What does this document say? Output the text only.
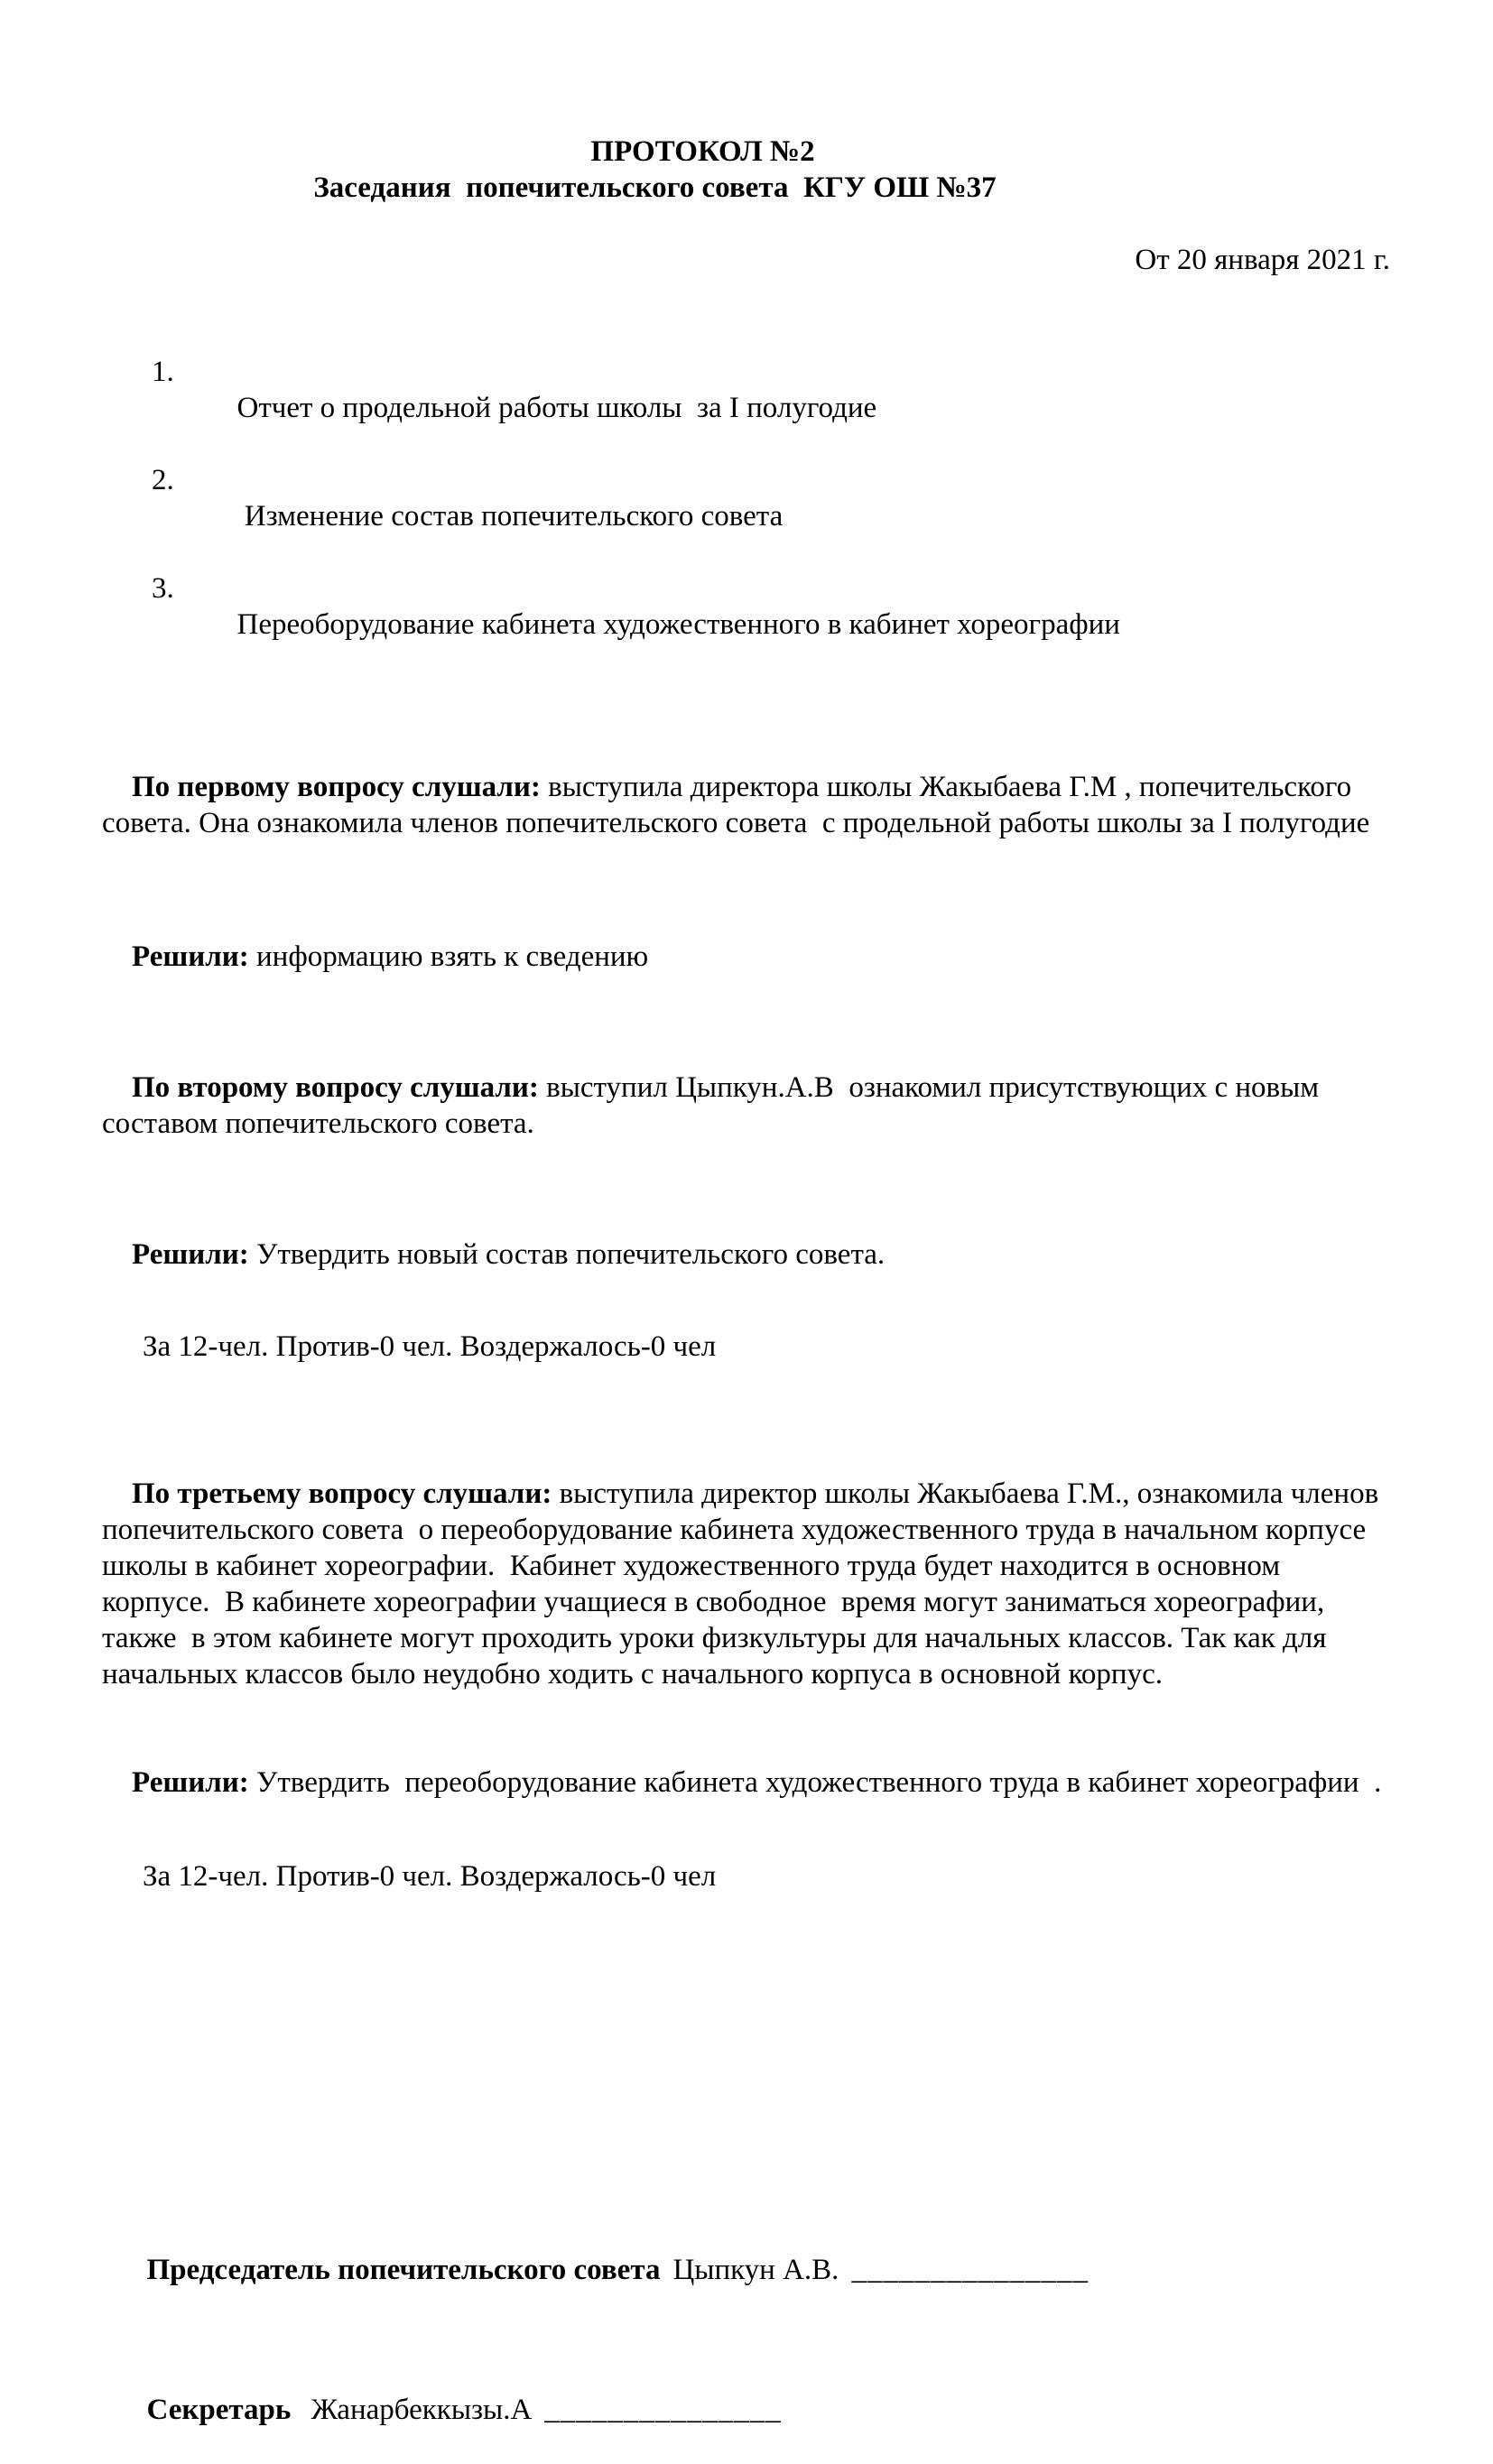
ПРОТОКОЛ №2
Заседания  попечительского совета  КГУ ОШ №37
От 20 января 2021 г.

1.
Отчет о продельной работы школы  за I полугодие

2.
Изменение состав попечительского совета

3.
Переоборудование кабинета художественного в кабинет хореографии

По первому вопросу слушали: выступила директора школы Жакыбаева Г.М , попечительского совета. Она ознакомила членов попечительского совета  с продельной работы школы за I полугодие

Решили: информацию взять к сведению

По второму вопросу слушали: выступил Цыпкун.А.В  ознакомил присутствующих с новым составом попечительского совета.

Решили: Утвердить новый состав попечительского совета.

За 12-чел. Против-0 чел. Воздержалось-0 чел

По третьему вопросу слушали: выступила директор школы Жакыбаева Г.М., ознакомила членов попечительского совета  о переоборудование кабинета художественного труда в начальном корпусе школы в кабинет хореографии.  Кабинет художественного труда будет находится в основном корпусе.  В кабинете хореографии учащиеся в свободное  время могут заниматься хореографии, также  в этом кабинете могут проходить уроки физкультуры для начальных классов. Так как для начальных классов было неудобно ходить с начального корпуса в основной корпус.

Решили: Утвердить  переоборудование кабинета художественного труда в кабинет хореографии  .

За 12-чел. Против-0 чел. Воздержалось-0 чел

Председатель попечительского совета Цыпкун А.В. _______________

Секретарь Жанарбеккызы.А _______________
